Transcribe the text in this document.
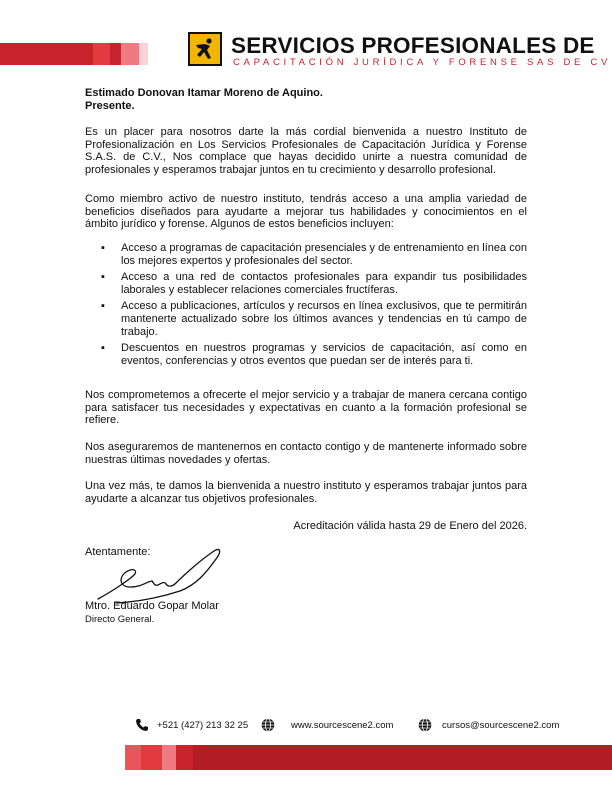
SERVICIOS PROFESIONALES DE
CAPACITACIÓN JURÍDICA Y FORENSE SAS DE CV
Estimado Donovan Itamar Moreno de Aquino.
Presente.
Es un placer para nosotros darte la más cordial bienvenida a nuestro Instituto de Profesionalización en Los Servicios Profesionales de Capacitación Jurídica y Forense S.A.S. de C.V., Nos complace que hayas decidido unirte a nuestra comunidad de profesionales y esperamos trabajar juntos en tu crecimiento y desarrollo profesional.
Como miembro activo de nuestro instituto, tendrás acceso a una amplia variedad de beneficios diseñados para ayudarte a mejorar tus habilidades y conocimientos en el ámbito jurídico y forense. Algunos de estos beneficios incluyen:
▪ Acceso a programas de capacitación presenciales y de entrenamiento en línea con los mejores expertos y profesionales del sector.
▪ Acceso a una red de contactos profesionales para expandir tus posibilidades laborales y establecer relaciones comerciales fructíferas.
▪ Acceso a publicaciones, artículos y recursos en línea exclusivos, que te permitirán mantenerte actualizado sobre los últimos avances y tendencias en tú campo de trabajo.
▪ Descuentos en nuestros programas y servicios de capacitación, así como en eventos, conferencias y otros eventos que puedan ser de interés para ti.
Nos comprometemos a ofrecerte el mejor servicio y a trabajar de manera cercana contigo para satisfacer tus necesidades y expectativas en cuanto a la formación profesional se refiere.
Nos aseguraremos de mantenernos en contacto contigo y de mantenerte informado sobre nuestras últimas novedades y ofertas.
Una vez más, te damos la bienvenida a nuestro instituto y esperamos trabajar juntos para ayudarte a alcanzar tus objetivos profesionales.
Acreditación válida hasta 29 de Enero del 2026.
Atentamente:
Mtro. Eduardo Gopar Molar
Directo General.
+521 (427) 213 32 25	www.sourcescene2.com	cursos@sourcescene2.com
